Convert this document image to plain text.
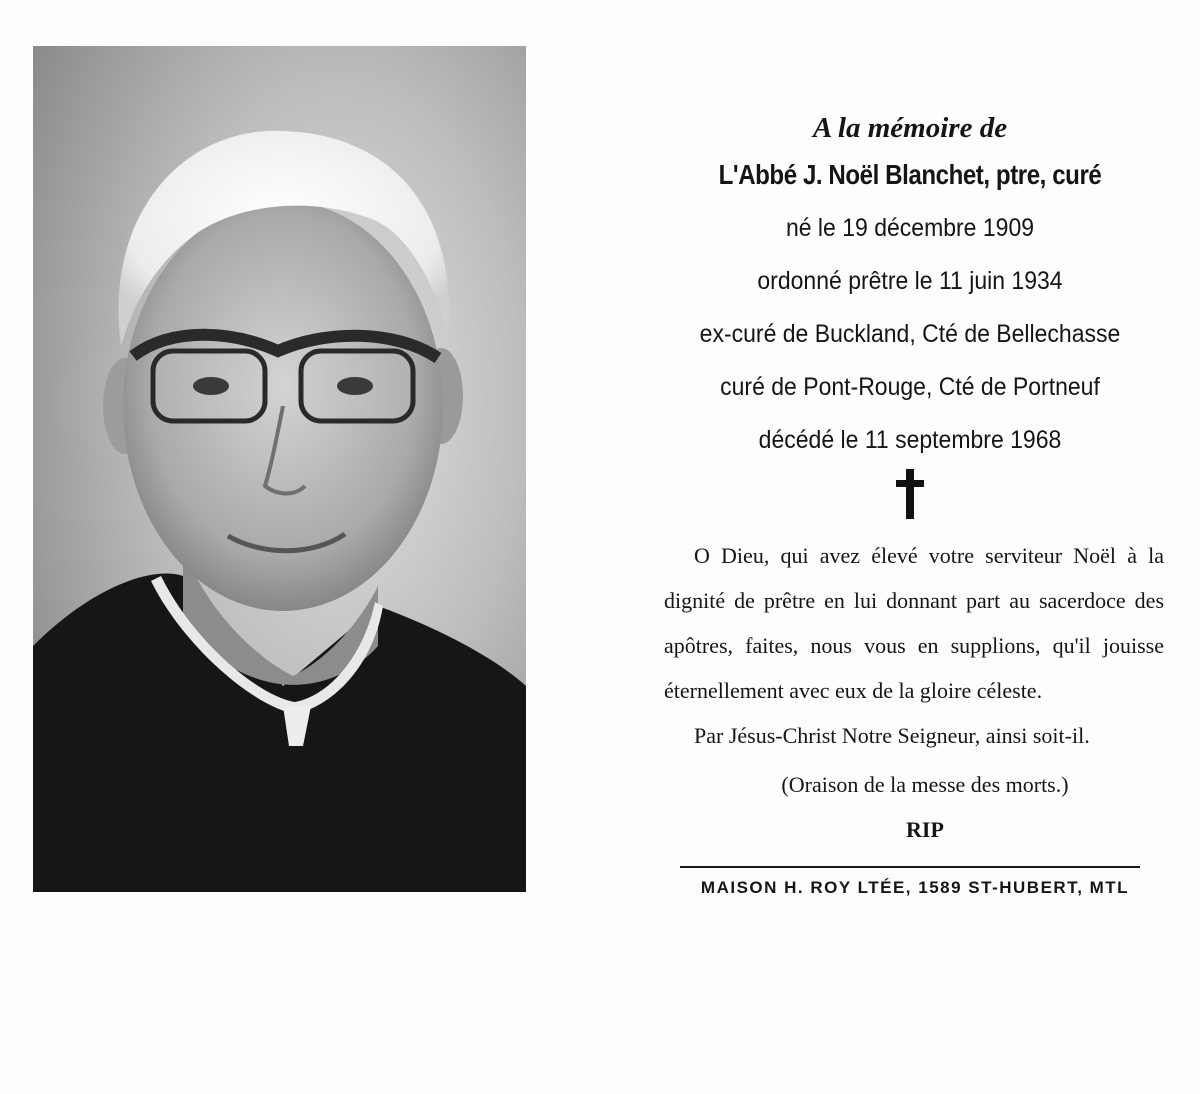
A la mémoire de
L'Abbé J. Noël Blanchet, ptre, curé
né le 19 décembre 1909
ordonné prêtre le 11 juin 1934
ex-curé de Buckland, Cté de Bellechasse
curé de Pont-Rouge, Cté de Portneuf
décédé le 11 septembre 1968

O Dieu, qui avez élevé votre serviteur Noël à la dignité de prêtre en lui donnant part au sacerdoce des apôtres, faites, nous vous en supplions, qu'il jouisse éternellement avec eux de la gloire céleste.

Par Jésus-Christ Notre Seigneur, ainsi soit-il.

(Oraison de la messe des morts.)
RIP
MAISON H. ROY LTÉE, 1589 ST-HUBERT, MTL
